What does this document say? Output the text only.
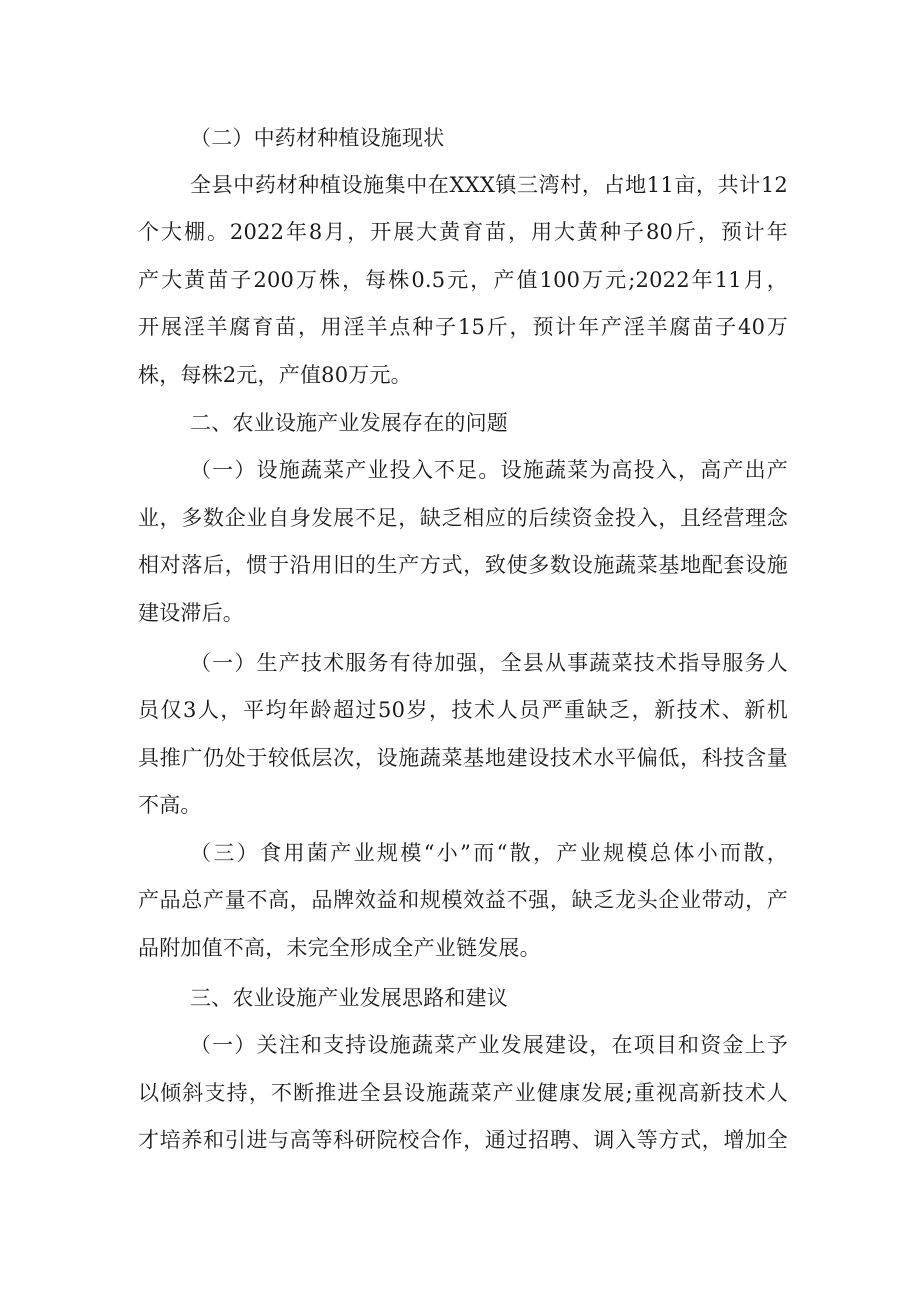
（二）中药材种植设施现状
全县中药材种植设施集中在XXX镇三湾村，占地11亩，共计12
个大棚。2022年8月，开展大黄育苗，用大黄种子80斤，预计年
产大黄苗子200万株，每株0.5元，产值100万元;2022年11月，
开展淫羊腐育苗，用淫羊点种子15斤，预计年产淫羊腐苗子40万
株，每株2元，产值80万元。
二、农业设施产业发展存在的问题
（一）设施蔬菜产业投入不足。设施蔬菜为高投入，高产出产
业，多数企业自身发展不足，缺乏相应的后续资金投入，且经营理念
相对落后，惯于沿用旧的生产方式，致使多数设施蔬菜基地配套设施
建设滞后。
（一）生产技术服务有待加强，全县从事蔬菜技术指导服务人
员仅3人，平均年龄超过50岁，技术人员严重缺乏，新技术、新机
具推广仍处于较低层次，设施蔬菜基地建设技术水平偏低，科技含量
不高。
（三）食用菌产业规模“小”而“散，产业规模总体小而散，
产品总产量不高，品牌效益和规模效益不强，缺乏龙头企业带动，产
品附加值不高，未完全形成全产业链发展。
三、农业设施产业发展思路和建议
（一）关注和支持设施蔬菜产业发展建设，在项目和资金上予
以倾斜支持，不断推进全县设施蔬菜产业健康发展;重视高新技术人
才培养和引进与高等科研院校合作，通过招聘、调入等方式，增加全
